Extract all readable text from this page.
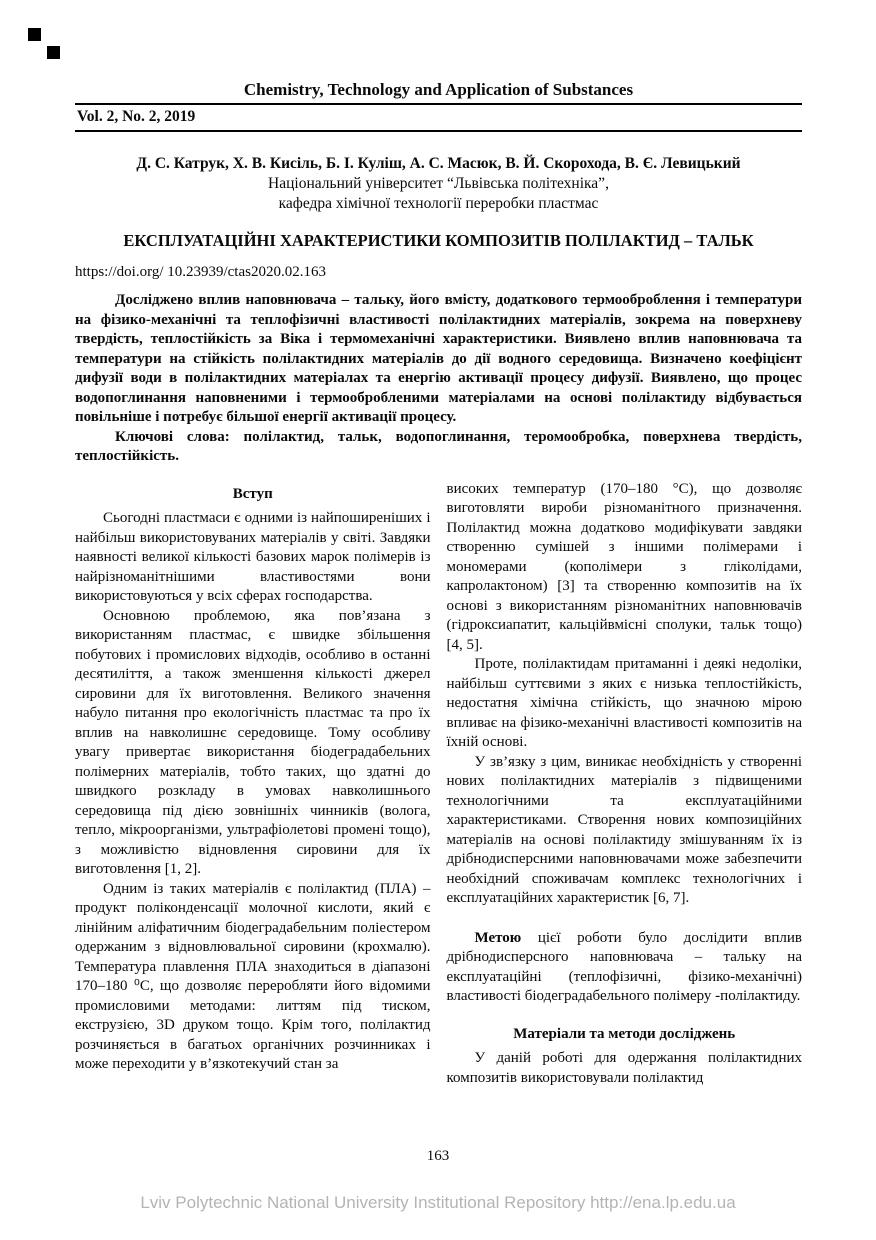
Chemistry, Technology and Application of Substances
Vol. 2, No. 2, 2019
Д. С. Катрук, Х. В. Кисіль, Б. І. Куліш, А. С. Масюк, В. Й. Скорохода, В. Є. Левицький
Національний університет “Львівська політехніка”,
кафедра хімічної технології переробки пластмас
ЕКСПЛУАТАЦІЙНІ ХАРАКТЕРИСТИКИ КОМПОЗИТІВ ПОЛІЛАКТИД – ТАЛЬК
https://doi.org/ 10.23939/ctas2020.02.163

Досліджено вплив наповнювача – тальку, його вмісту, додаткового термооброблення і температури на фізико-механічні та теплофізичні властивості полілактидних матеріалів, зокрема на поверхневу твердість, теплостійкість за Віка і термомеханічні характеристики. Виявлено вплив наповнювача та температури на стійкість полілактидних матеріалів до дії водного середовища. Визначено коефіцієнт дифузії води в полілактидних матеріалах та енергію активації процесу дифузії. Виявлено, що процес водопоглинання наповненими і термообробленими матеріалами на основі полілактиду відбувається повільніше і потребує більшої енергії активації процесу.

Ключові слова: полілактид, тальк, водопоглинання, теромообробка, поверхнева твердість, теплостійкість.

Вступ

Сьогодні пластмаси є одними із найпоширеніших і найбільш використовуваних матеріалів у світі. Завдяки наявності великої кількості базових марок полімерів із найрізноманітнішими властивостями вони використовуються у всіх сферах господарства.

Основною проблемою, яка пов’язана з використанням пластмас, є швидке збільшення побутових і промислових відходів, особливо в останні десятиліття, а також зменшення кількості джерел сировини для їх виготовлення. Великого значення набуло питання про екологічність пластмас та про їх вплив на навколишнє середовище. Тому особливу увагу привертає використання біодеградабельних полімерних матеріалів, тобто таких, що здатні до швидкого розкладу в умовах навколишнього середовища під дією зовнішніх чинників (волога, тепло, мікроорганізми, ультрафіолетові промені тощо), з можливістю відновлення сировини для їх виготовлення [1, 2].

Одним із таких матеріалів є полілактид (ПЛА) – продукт поліконденсації молочної кислоти, який є лінійним аліфатичним біодеградабельним поліестером одержаним з відновлювальної сировини (крохмалю). Температура плавлення ПЛА знаходиться в діапазоні 170–180 ⁰С, що дозволяє переробляти його відомими промисловими методами: литтям під тиском, екструзією, 3D друком тощо. Крім того, полілактид розчиняється в багатьох органічних розчинниках і може переходити у в’язкотекучий стан за

високих температур (170–180 °С), що дозволяє виготовляти вироби різноманітного призначення. Полілактид можна додатково модифікувати завдяки створенню сумішей з іншими полімерами і мономерами (кополімери з гліколідами, капролактоном) [3] та створенню композитів на їх основі з використанням різноманітних наповнювачів (гідроксиапатит, кальційвмісні сполуки, тальк тощо) [4, 5].

Проте, полілактидам притаманні і деякі недоліки, найбільш суттєвими з яких є низька теплостійкість, недостатня хімічна стійкість, що значною мірою впливає на фізико-механічні властивості композитів на їхній основі.

У зв’язку з цим, виникає необхідність у створенні нових полілактидних матеріалів з підвищеними технологічними та експлуатаційними характеристиками. Створення нових композиційних матеріалів на основі полілактиду змішуванням їх із дрібнодисперсними наповнювачами може забезпечити необхідний споживачам комплекс технологічних і експлуатаційних характеристик [6, 7].

Метою цієї роботи було дослідити вплив дрібнодисперсного наповнювача – тальку на експлуатаційні (теплофізичні, фізико-механічні) властивості біодеградабельного полімеру -полілактиду.

Матеріали та методи досліджень

У даній роботі для одержання полілактидних композитів використовували полілактид

163
Lviv Polytechnic National University Institutional Repository http://ena.lp.edu.ua
